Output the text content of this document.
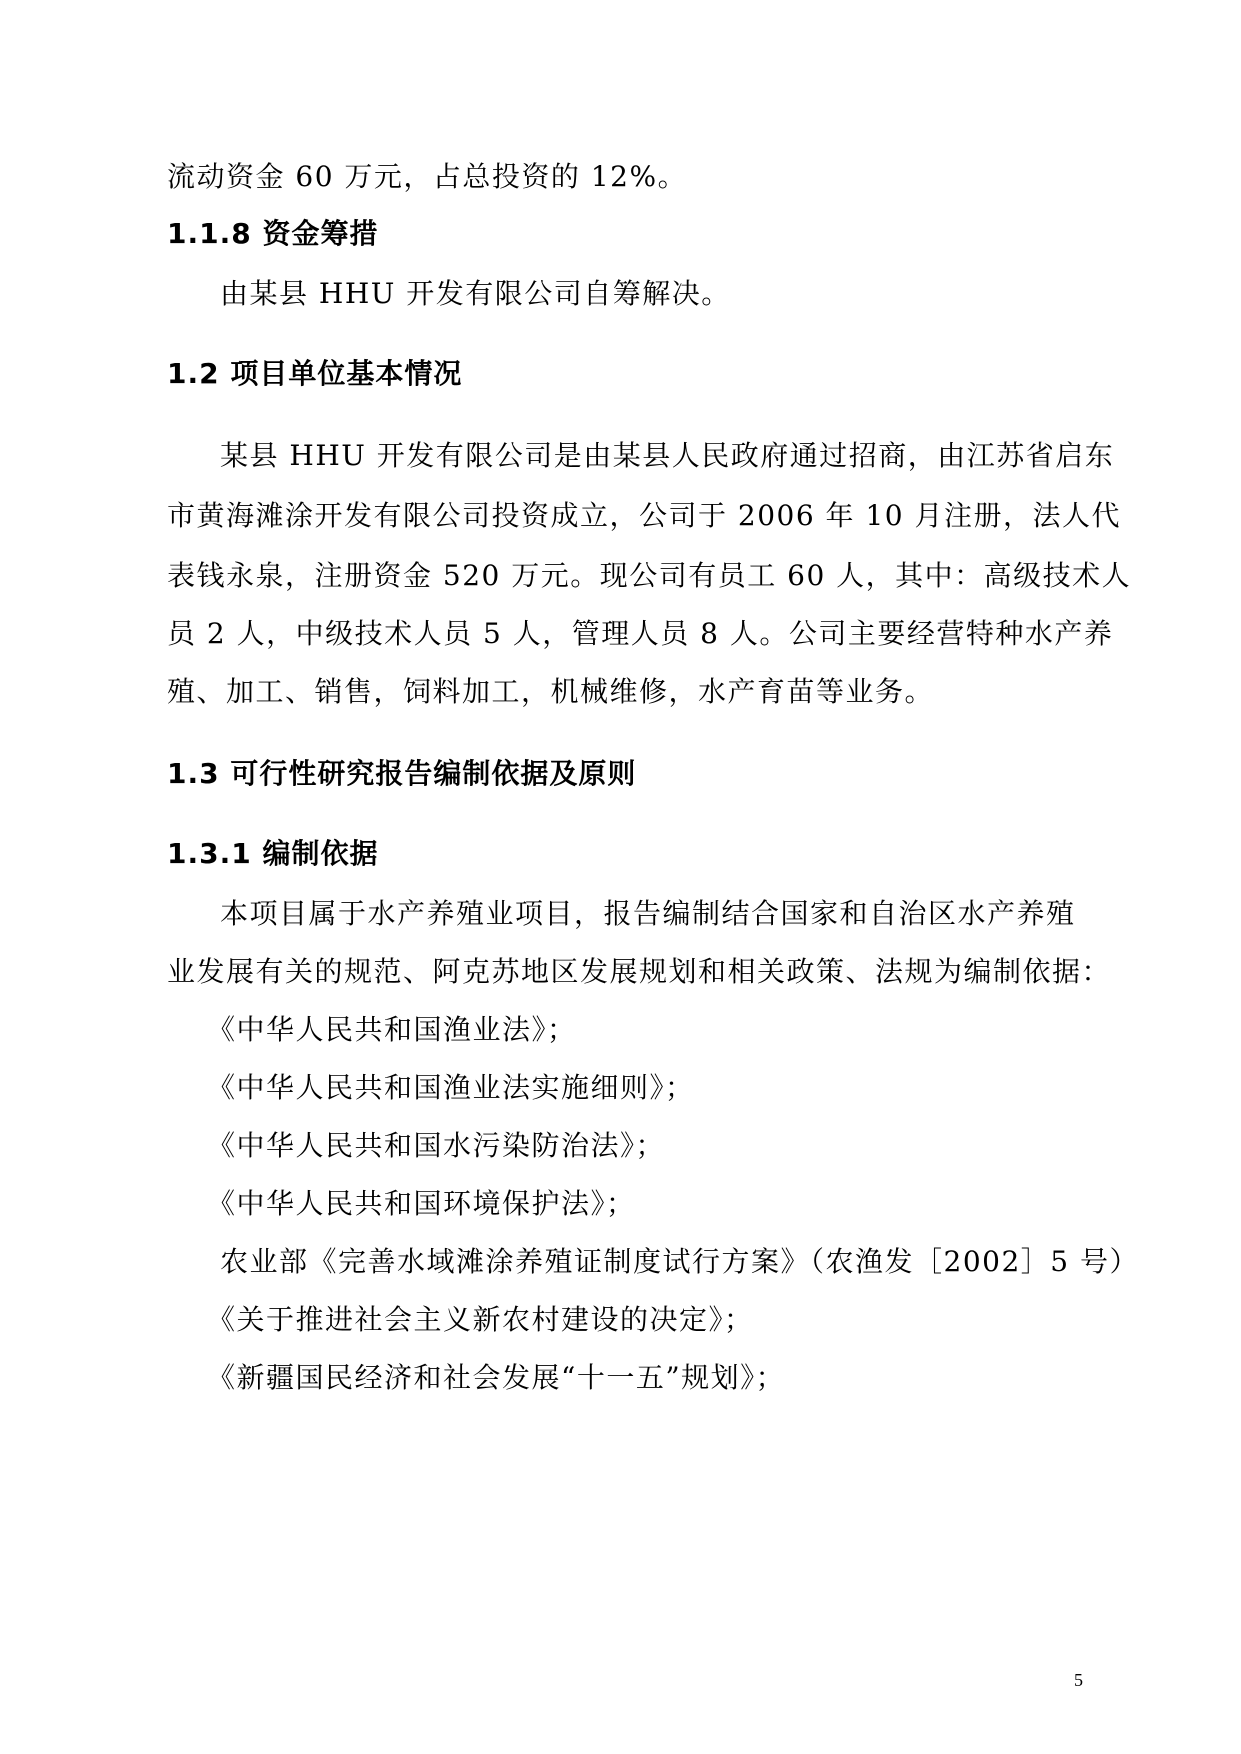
流动资金 60 万元，占总投资的 12%。
1.1.8 资金筹措
由某县 HHU 开发有限公司自筹解决。
1.2 项目单位基本情况
某县 HHU 开发有限公司是由某县人民政府通过招商，由江苏省启东
市黄海滩涂开发有限公司投资成立，公司于 2006 年 10 月注册，法人代
表钱永泉，注册资金 520 万元。现公司有员工 60 人，其中：高级技术人
员 2 人，中级技术人员 5 人，管理人员 8 人。公司主要经营特种水产养
殖、加工、销售，饲料加工，机械维修，水产育苗等业务。
1.3 可行性研究报告编制依据及原则
1.3.1 编制依据
本项目属于水产养殖业项目，报告编制结合国家和自治区水产养殖
业发展有关的规范、阿克苏地区发展规划和相关政策、法规为编制依据：
《中华人民共和国渔业法》；
《中华人民共和国渔业法实施细则》；
《中华人民共和国水污染防治法》；
《中华人民共和国环境保护法》；
农业部《完善水域滩涂养殖证制度试行方案》（农渔发［2002］5 号）
《关于推进社会主义新农村建设的决定》；
《新疆国民经济和社会发展“十一五”规划》；
5
